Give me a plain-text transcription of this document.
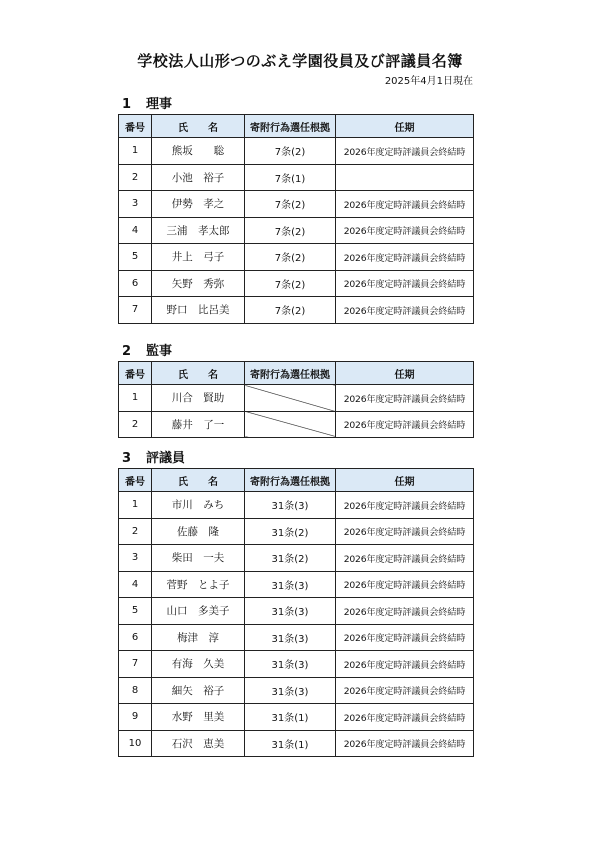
学校法人山形つのぶえ学園役員及び評議員名簿
2025年4月1日現在
1 理事
番号	氏　　名	寄附行為選任根拠	任期
1	熊坂　　聡	7条(2)	2026年度定時評議員会終結時
2	小池　裕子	7条(1)	
3	伊勢　孝之	7条(2)	2026年度定時評議員会終結時
4	三浦　孝太郎	7条(2)	2026年度定時評議員会終結時
5	井上　弓子	7条(2)	2026年度定時評議員会終結時
6	矢野　秀弥	7条(2)	2026年度定時評議員会終結時
7	野口　比呂美	7条(2)	2026年度定時評議員会終結時
2 監事
番号	氏　　名	寄附行為選任根拠	任期
1	川合　賢助		2026年度定時評議員会終結時
2	藤井　了一		2026年度定時評議員会終結時
3 評議員
番号	氏　　名	寄附行為選任根拠	任期
1	市川　みち	31条(3)	2026年度定時評議員会終結時
2	佐藤　隆	31条(2)	2026年度定時評議員会終結時
3	柴田　一夫	31条(2)	2026年度定時評議員会終結時
4	菅野　とよ子	31条(3)	2026年度定時評議員会終結時
5	山口　多美子	31条(3)	2026年度定時評議員会終結時
6	梅津　淳	31条(3)	2026年度定時評議員会終結時
7	有海　久美	31条(3)	2026年度定時評議員会終結時
8	細矢　裕子	31条(3)	2026年度定時評議員会終結時
9	水野　里美	31条(1)	2026年度定時評議員会終結時
10	石沢　恵美	31条(1)	2026年度定時評議員会終結時
